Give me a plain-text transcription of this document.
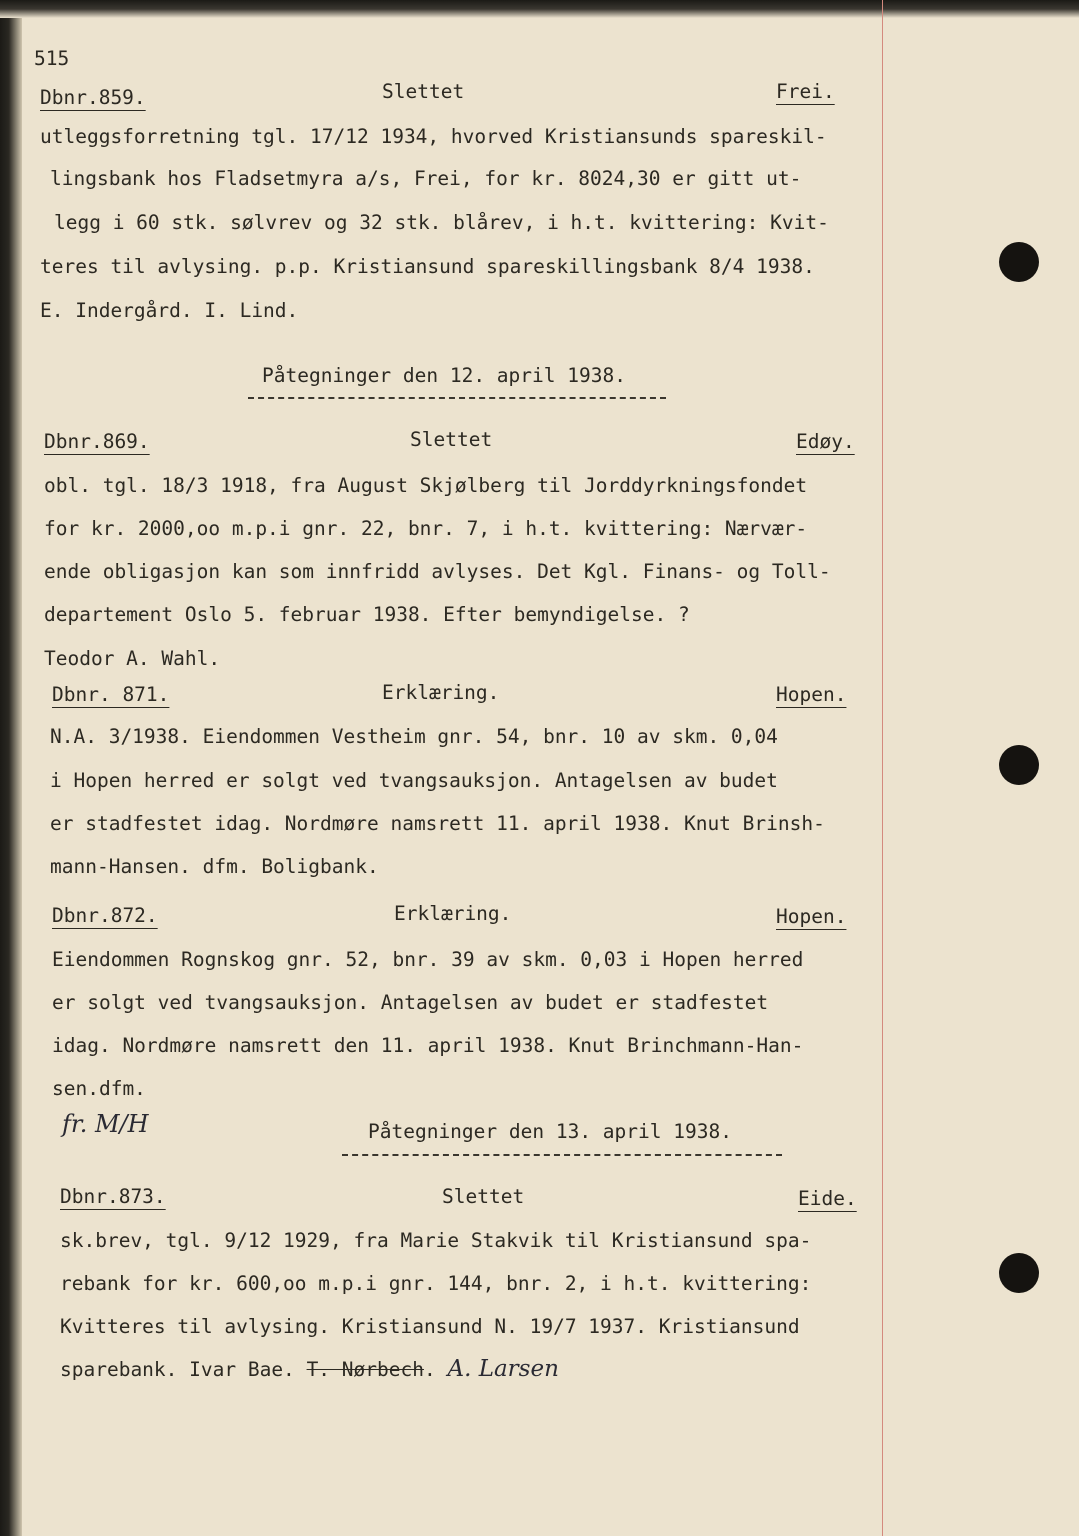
515

Dbnr.859.	Slettet	Frei.

utleggsforretning tgl. 17/12 1934, hvorved Kristiansunds spareskil-

lingsbank hos Fladsetmyra a/s, Frei, for kr. 8024,30 er gitt ut-

legg i 60 stk. sølvrev og 32 stk. blårev, i h.t. kvittering: Kvit-

teres til avlysing. p.p. Kristiansund spareskillingsbank 8/4 1938.

E. Indergård. I. Lind.

Påtegninger den 12. april 1938.

Dbnr.869.	Slettet	Edøy.

obl. tgl. 18/3 1918, fra August Skjølberg til Jorddyrkningsfondet

for kr. 2000,oo m.p.i gnr. 22, bnr. 7, i h.t. kvittering: Nærvær-

ende obligasjon kan som innfridd avlyses. Det Kgl. Finans- og Toll-

departement Oslo 5. februar 1938. Efter bemyndigelse. ?

Teodor A. Wahl.

Dbnr. 871.	Erklæring.	Hopen.

N.A. 3/1938. Eiendommen Vestheim gnr. 54, bnr. 10 av skm. 0,04

i Hopen herred er solgt ved tvangsauksjon. Antagelsen av budet

er stadfestet idag. Nordmøre namsrett 11. april 1938. Knut Brinsh-

mann-Hansen. dfm. Boligbank.

Dbnr.872.	Erklæring.	Hopen.

Eiendommen Rognskog gnr. 52, bnr. 39 av skm. 0,03 i Hopen herred

er solgt ved tvangsauksjon. Antagelsen av budet er stadfestet

idag. Nordmøre namsrett den 11. april 1938. Knut Brinchmann-Han-

sen.dfm.

fr. M/H	Påtegninger den 13. april 1938.

Dbnr.873.	Slettet	Eide.

sk.brev, tgl. 9/12 1929, fra Marie Stakvik til Kristiansund spa-

rebank for kr. 600,oo m.p.i gnr. 144, bnr. 2, i h.t. kvittering:

Kvitteres til avlysing. Kristiansund N. 19/7 1937. Kristiansund

sparebank. Ivar Bae. T. Nørbech. A. Larsen
